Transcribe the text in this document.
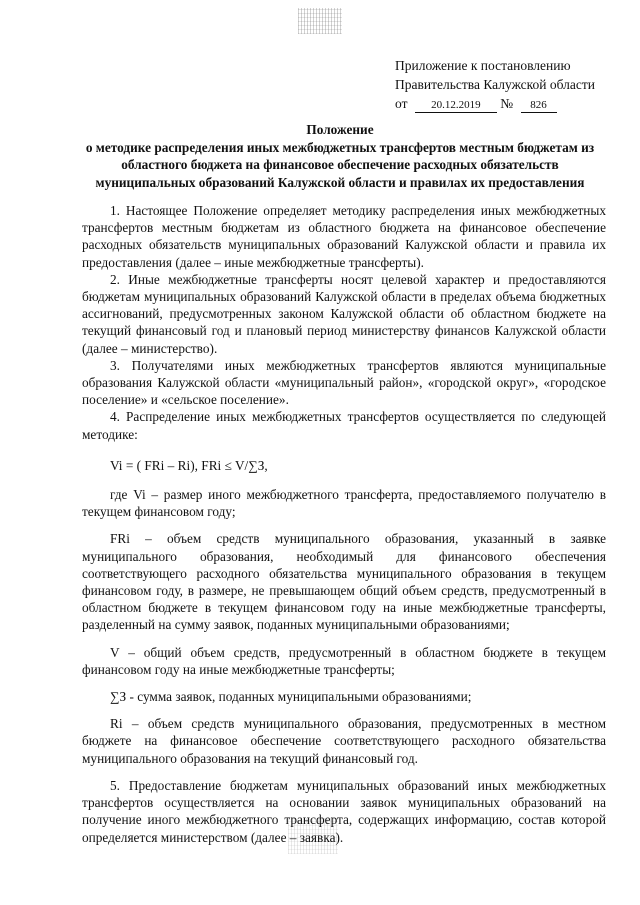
Приложение к постановлению
Правительства Калужской области
от 20.12.2019 № 826
Положение
о методике распределения иных межбюджетных трансфертов местным бюджетам из областного бюджета на финансовое обеспечение расходных обязательств муниципальных образований Калужской области и правилах их предоставления

1. Настоящее Положение определяет методику распределения иных межбюджетных трансфертов местным бюджетам из областного бюджета на финансовое обеспечение расходных обязательств муниципальных образований Калужской области и правила их предоставления (далее – иные межбюджетные трансферты).

2. Иные межбюджетные трансферты носят целевой характер и предоставляются бюджетам муниципальных образований Калужской области в пределах объема бюджетных ассигнований, предусмотренных законом Калужской области об областном бюджете на текущий финансовый год и плановый период министерству финансов Калужской области (далее – министерство).

3. Получателями иных межбюджетных трансфертов являются муниципальные образования Калужской области «муниципальный район», «городской округ», «городское поселение» и «сельское поселение».

4. Распределение иных межбюджетных трансфертов осуществляется по следующей методике:

Vi = ( FRi – Ri), FRi ≤ V/∑З,

где Vi – размер иного межбюджетного трансферта, предоставляемого получателю в текущем финансовом году;

FRi – объем средств муниципального образования, указанный в заявке муниципального образования, необходимый для финансового обеспечения соответствующего расходного обязательства муниципального образования в текущем финансовом году, в размере, не превышающем общий объем средств, предусмотренный в областном бюджете в текущем финансовом году на иные межбюджетные трансферты, разделенный на сумму заявок, поданных муниципальными образованиями;

V – общий объем средств, предусмотренный в областном бюджете в текущем финансовом году на иные межбюджетные трансферты;

∑З - сумма заявок, поданных муниципальными образованиями;

Ri – объем средств муниципального образования, предусмотренных в местном бюджете на финансовое обеспечение соответствующего расходного обязательства муниципального образования на текущий финансовый год.

5. Предоставление бюджетам муниципальных образований иных межбюджетных трансфертов осуществляется на основании заявок муниципальных образований на получение иного межбюджетного трансферта, содержащих информацию, состав которой определяется министерством (далее – заявка).
